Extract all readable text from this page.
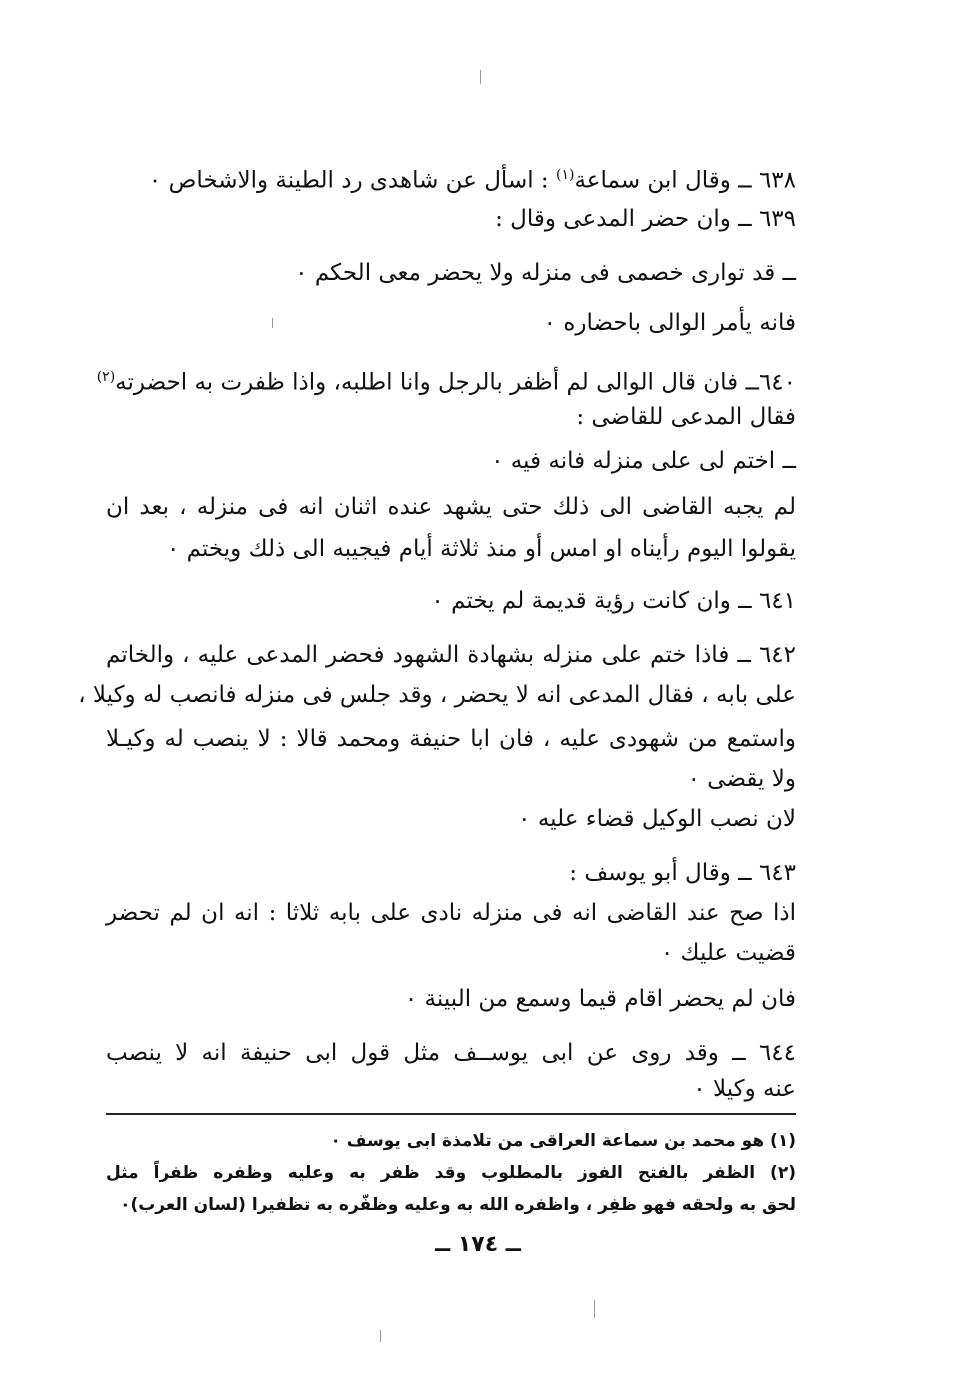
٦٣٨ ــ وقال ابن سماعة$^{(١)}$ : اسأل عن شاهدى رد الطينة والاشخاص ٠
٦٣٩ ــ وان حضر المدعى وقال :
ــ قد توارى خصمى فى منزله ولا يحضر معى الحكم ٠
فانه يأمر الوالى باحضاره ٠
٦٤٠ــ فان قال الوالى لم أظفر بالرجل وانا اطلبه، واذا ظفرت به احضرته$^{(٢)}$
فقال المدعى للقاضى :
ــ اختم لى على منزله فانه فيه ٠
لم يجبه القاضى الى ذلك حتى يشهد عنده اثنان انه فى منزله ، بعد ان
يقولوا اليوم رأيناه او امس أو منذ ثلاثة أيام فيجيبه الى ذلك ويختم ٠
٦٤١ ــ وان كانت رؤية قديمة لم يختم ٠
٦٤٢ ــ فاذا ختم على منزله بشهادة الشهود فحضر المدعى عليه ، والخاتم
على بابه ، فقال المدعى انه لا يحضر ، وقد جلس فى منزله فانصب له وكيلا ،
واستمع من شهودى عليه ، فان ابا حنيفة ومحمد قالا : لا ينصب له وكيـلا
ولا يقضى ٠
لان نصب الوكيل قضاء عليه ٠
٦٤٣ ــ وقال أبو يوسف :
اذا صح عند القاضى انه فى منزله نادى على بابه ثلاثا : انه ان لم تحضر
قضيت عليك ٠
فان لم يحضر اقام قيما وسمع من البينة ٠
٦٤٤ ــ وقد روى عن ابى يوســف مثل قول ابى حنيفة انه لا ينصب
عنه وكيلا ٠
(١) هو محمد بن سماعة العراقى من تلامذة ابى يوسف ٠
(٢) الظفر بالفتح الفوز بالمطلوب وقد ظفر به وعليه وظفره ظفراً مثل
لحق به ولحقه فهو ظفِر ، واظفره الله به وعليه وظفّره به تظفيرا (لسان العرب)٠
ــ ١٧٤ ــ
